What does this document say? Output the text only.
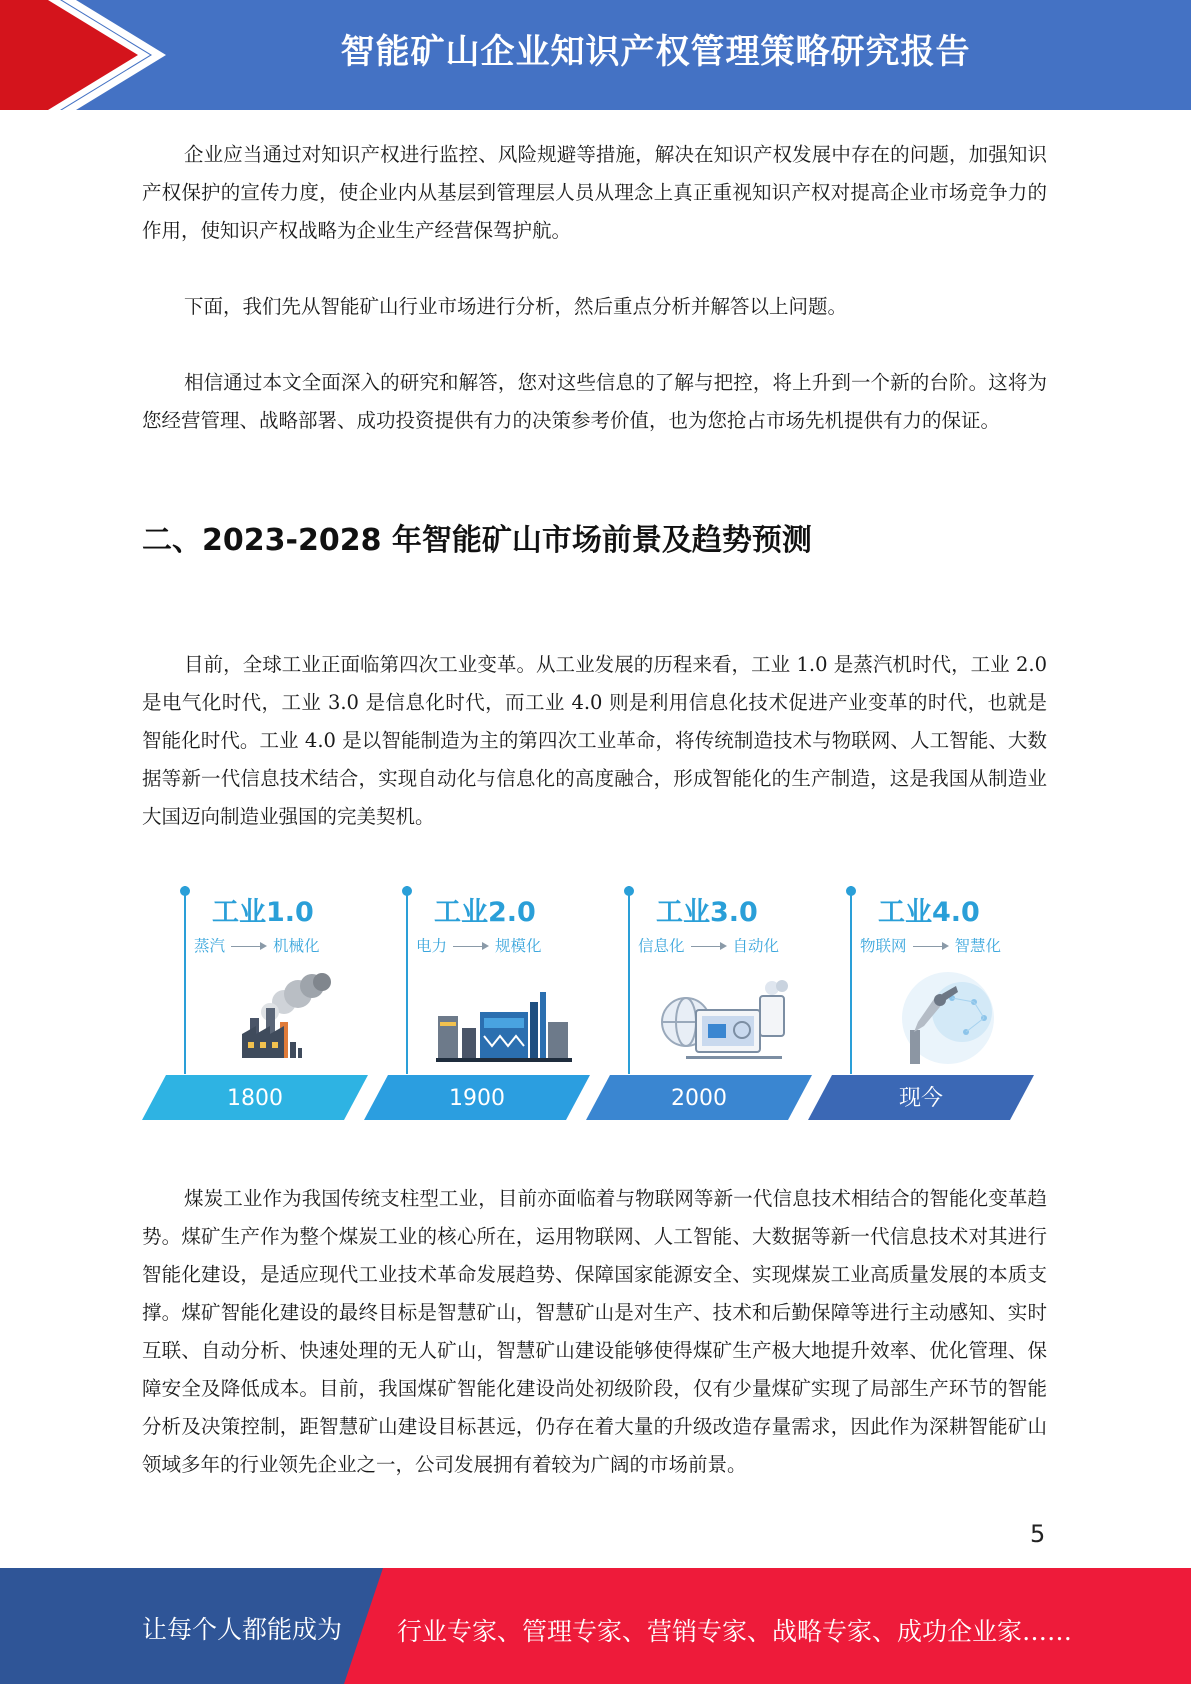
智能矿山企业知识产权管理策略研究报告

企业应当通过对知识产权进行监控、风险规避等措施，解决在知识产权发展中存在的问题，加强知识产权保护的宣传力度，使企业内从基层到管理层人员从理念上真正重视知识产权对提高企业市场竞争力的作用，使知识产权战略为企业生产经营保驾护航。

下面，我们先从智能矿山行业市场进行分析，然后重点分析并解答以上问题。

相信通过本文全面深入的研究和解答，您对这些信息的了解与把控，将上升到一个新的台阶。这将为您经营管理、战略部署、成功投资提供有力的决策参考价值，也为您抢占市场先机提供有力的保证。

二、2023-2028 年智能矿山市场前景及趋势预测

目前，全球工业正面临第四次工业变革。从工业发展的历程来看，工业 1.0 是蒸汽机时代，工业 2.0 是电气化时代，工业 3.0 是信息化时代，而工业 4.0 则是利用信息化技术促进产业变革的时代，也就是智能化时代。工业 4.0 是以智能制造为主的第四次工业革命，将传统制造技术与物联网、人工智能、大数据等新一代信息技术结合，实现自动化与信息化的高度融合，形成智能化的生产制造，这是我国从制造业大国迈向制造业强国的完美契机。

工业1.0
蒸汽	机械化
1800
工业2.0
电力	规模化
1900
工业3.0
信息化	自动化
2000
工业4.0
物联网	智慧化
现今

煤炭工业作为我国传统支柱型工业，目前亦面临着与物联网等新一代信息技术相结合的智能化变革趋势。煤矿生产作为整个煤炭工业的核心所在，运用物联网、人工智能、大数据等新一代信息技术对其进行智能化建设，是适应现代工业技术革命发展趋势、保障国家能源安全、实现煤炭工业高质量发展的本质支撑。煤矿智能化建设的最终目标是智慧矿山，智慧矿山是对生产、技术和后勤保障等进行主动感知、实时互联、自动分析、快速处理的无人矿山，智慧矿山建设能够使得煤矿生产极大地提升效率、优化管理、保障安全及降低成本。目前，我国煤矿智能化建设尚处初级阶段，仅有少量煤矿实现了局部生产环节的智能分析及决策控制，距智慧矿山建设目标甚远，仍存在着大量的升级改造存量需求，因此作为深耕智能矿山领域多年的行业领先企业之一，公司发展拥有着较为广阔的市场前景。

5
让每个人都能成为 行业专家、管理专家、营销专家、战略专家、成功企业家……
